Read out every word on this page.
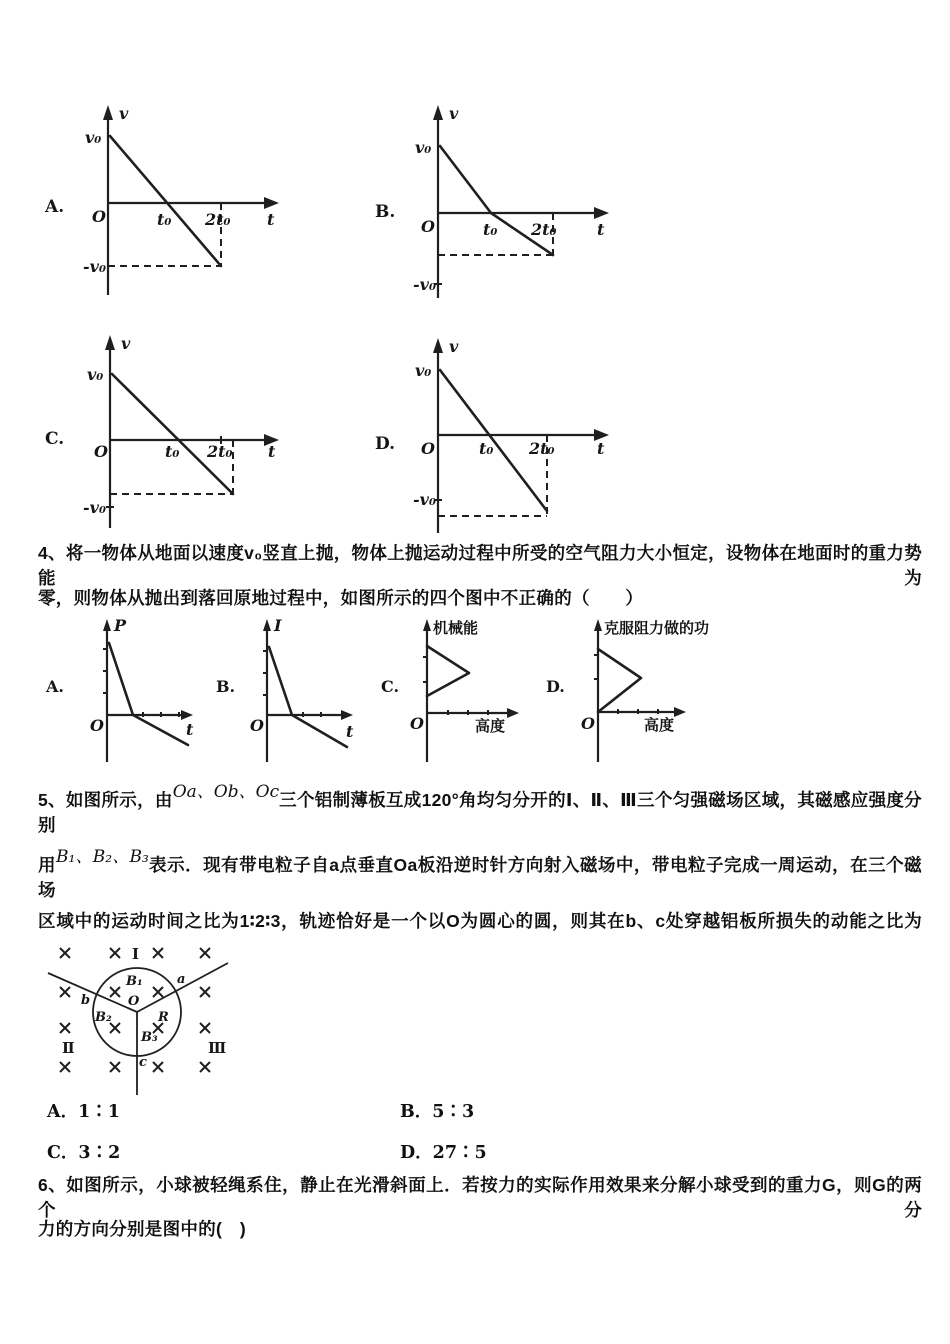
A.
v
v₀
O	t₀ 2t₀ t
-v₀
B.
v
v₀
O	t₀ 2t₀	t
-v₀
C.
v
v₀
O	t₀ 2t₀ t
-v₀
D.
v
v₀
O	t₀ 2t₀	t
-v₀
4、将一物体从地面以速度v₀竖直上抛，物体上抛运动过程中所受的空气阻力大小恒定，设物体在地面时的重力势能为
零，则物体从抛出到落回原地过程中，如图所示的四个图中不正确的（　　）
A.
P
O	t
B.
I
O	t
C.
机械能
O	高度
D.
克服阻力做的功
O	高度
5、如图所示，由Oa、Ob、Oc三个铝制薄板互成120°角均匀分开的Ⅰ、Ⅱ、Ⅲ三个匀强磁场区域，其磁感应强度分别
用B₁、B₂、B₃表示．现有带电粒子自a点垂直Oa板沿逆时针方向射入磁场中，带电粒子完成一周运动，在三个磁场
区域中的运动时间之比为1∶2∶3，轨迹恰好是一个以O为圆心的圆，则其在b、c处穿越铝板所损失的动能之比为
Ⅰ
Ⅱ	Ⅲ
B₁
B₂
B₃
O
R
a
b
c
A．1∶1	B．5∶3
C．3∶2	D．27∶5
6、如图所示，小球被轻绳系住，静止在光滑斜面上．若按力的实际作用效果来分解小球受到的重力G，则G的两个分
力的方向分别是图中的(　)
